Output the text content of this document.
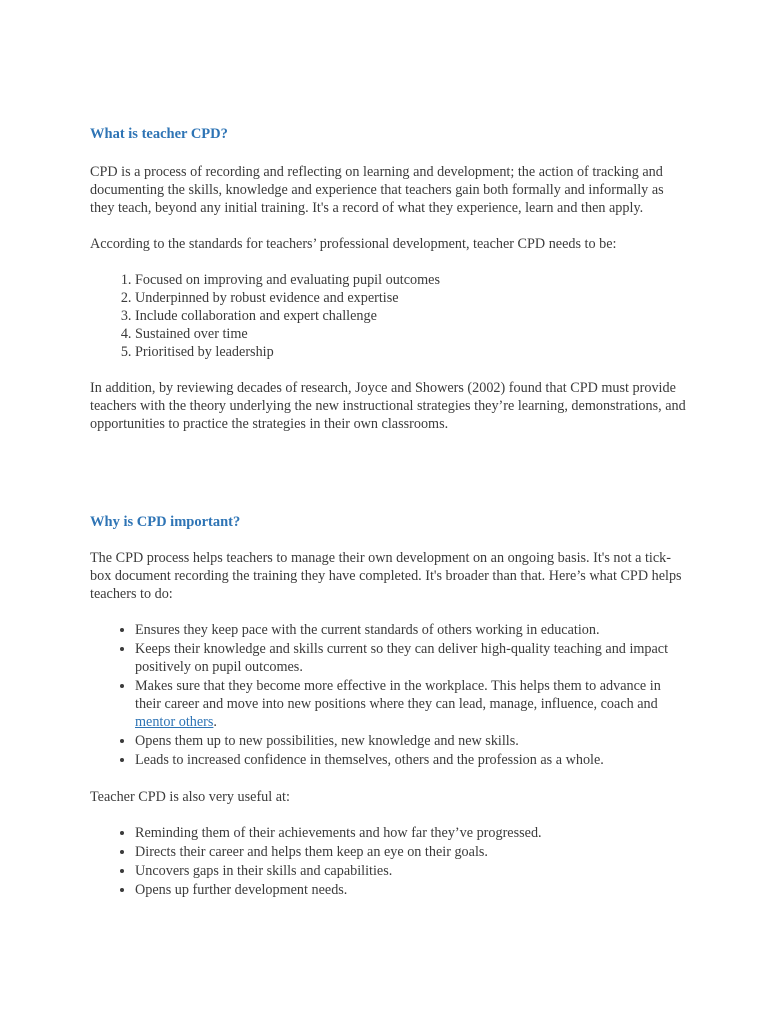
What is teacher CPD?

CPD is a process of recording and reflecting on learning and development; the action of tracking and documenting the skills, knowledge and experience that teachers gain both formally and informally as they teach, beyond any initial training. It's a record of what they experience, learn and then apply.

According to the standards for teachers’ professional development, teacher CPD needs to be:

1. Focused on improving and evaluating pupil outcomes
2. Underpinned by robust evidence and expertise
3. Include collaboration and expert challenge
4. Sustained over time
5. Prioritised by leadership

In addition, by reviewing decades of research, Joyce and Showers (2002) found that CPD must provide teachers with the theory underlying the new instructional strategies they’re learning, demonstrations, and opportunities to practice the strategies in their own classrooms.

Why is CPD important?

The CPD process helps teachers to manage their own development on an ongoing basis. It's not a tick-box document recording the training they have completed. It's broader than that. Here’s what CPD helps teachers to do:

• Ensures they keep pace with the current standards of others working in education.
• Keeps their knowledge and skills current so they can deliver high-quality teaching and impact positively on pupil outcomes.
• Makes sure that they become more effective in the workplace. This helps them to advance in their career and move into new positions where they can lead, manage, influence, coach and mentor others.
• Opens them up to new possibilities, new knowledge and new skills.
• Leads to increased confidence in themselves, others and the profession as a whole.

Teacher CPD is also very useful at:

• Reminding them of their achievements and how far they’ve progressed.
• Directs their career and helps them keep an eye on their goals.
• Uncovers gaps in their skills and capabilities.
• Opens up further development needs.
